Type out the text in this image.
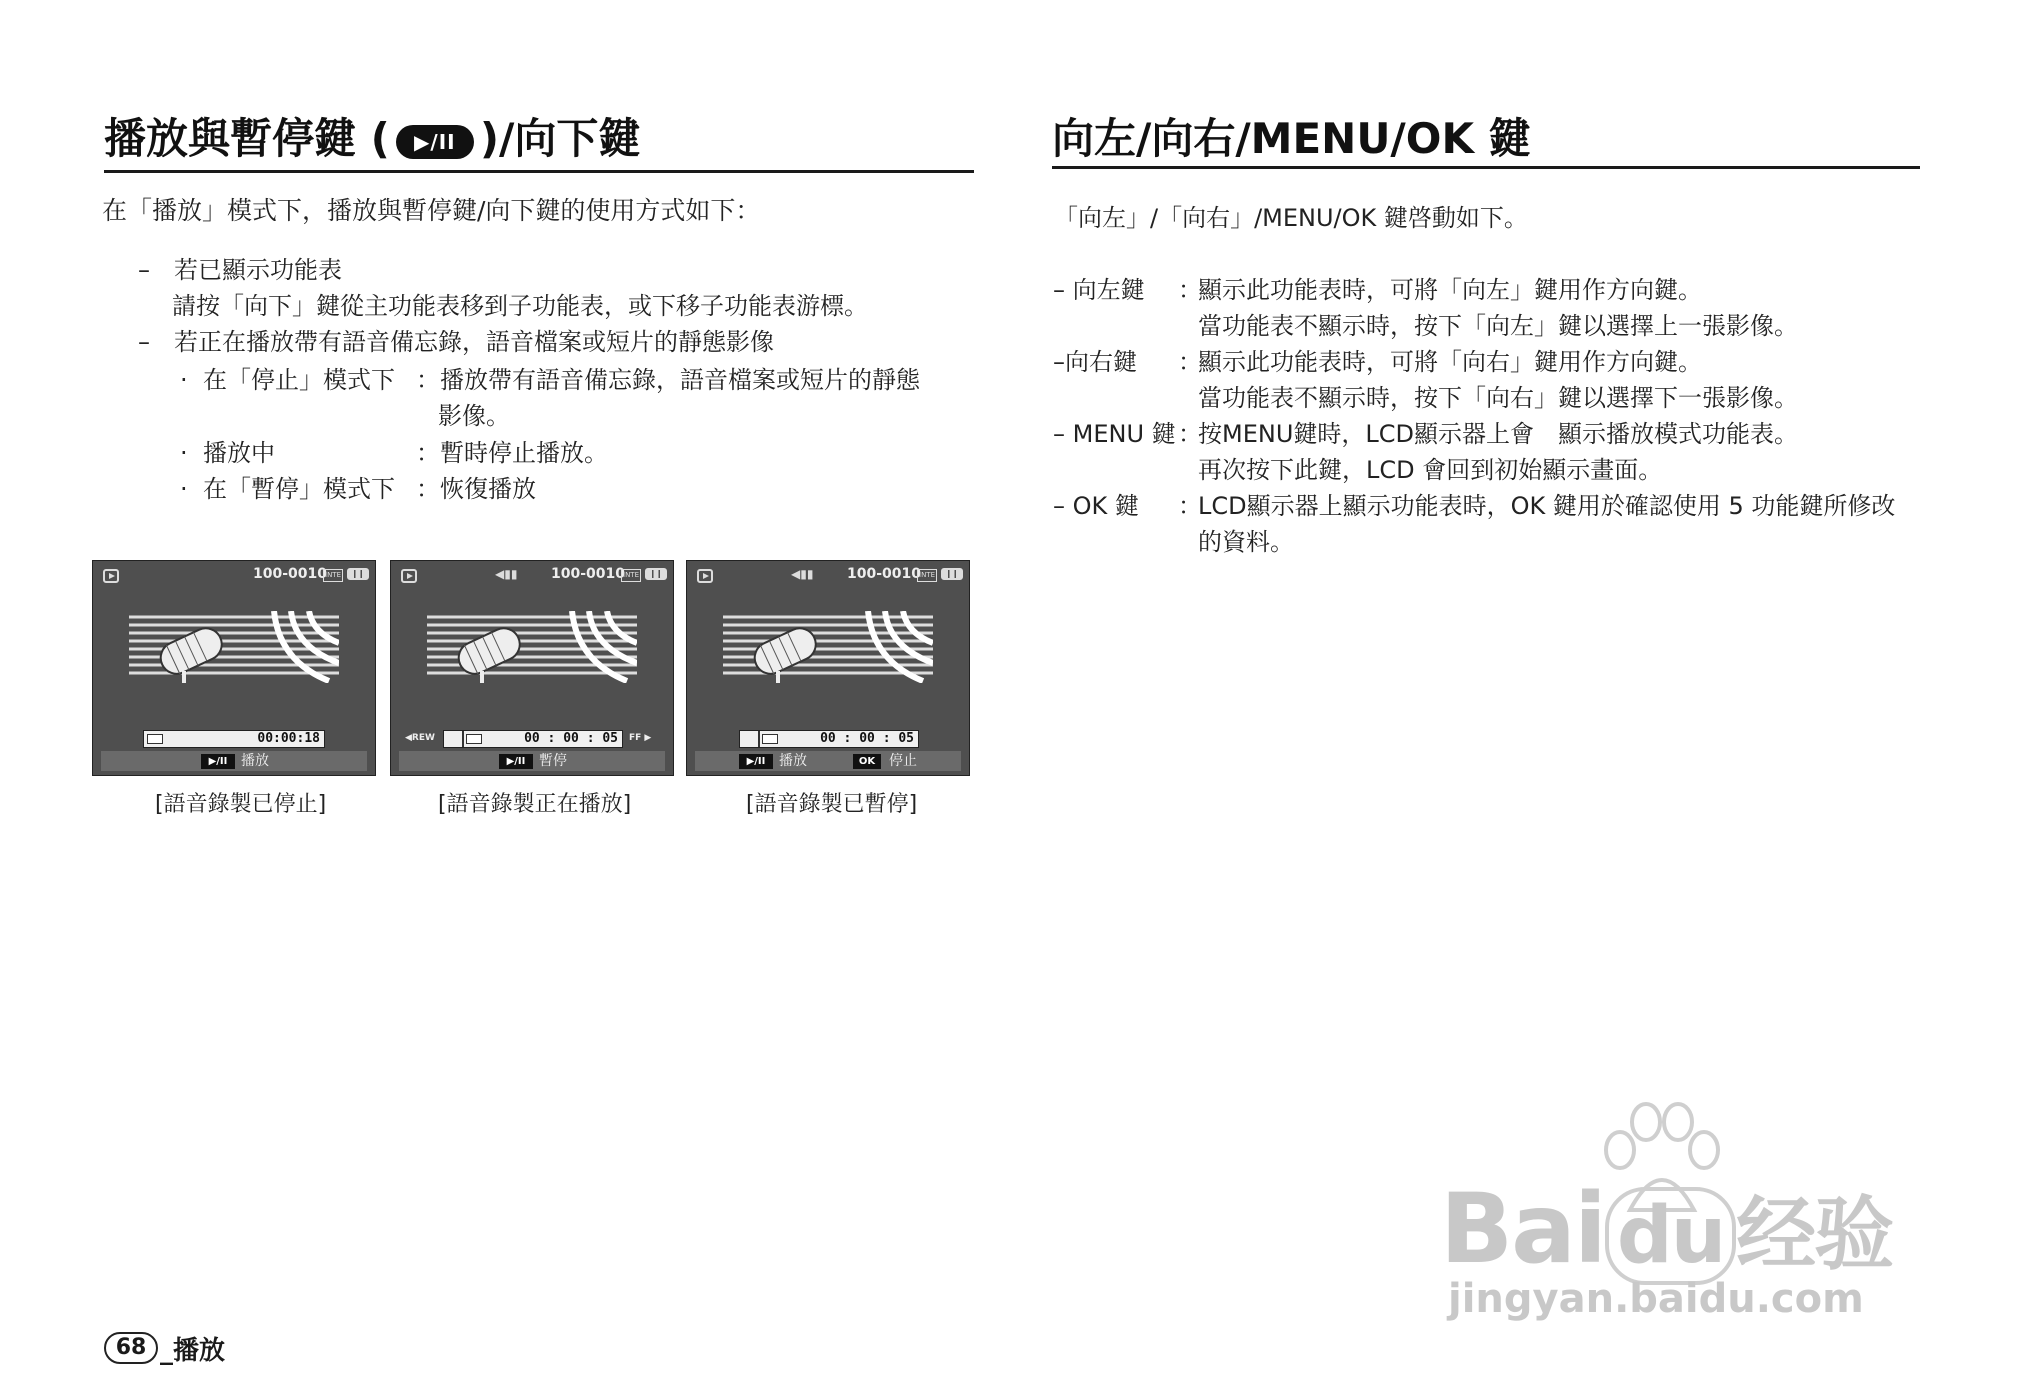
播放與暫停鍵 ( ▶/II )/向下鍵
在「播放」模式下，播放與暫停鍵/向下鍵的使用方式如下：
–　若已顯示功能表
請按「向下」鍵從主功能表移到子功能表，或下移子功能表游標。
–　若正在播放帶有語音備忘錄，語音檔案或短片的靜態影像
· 在「停止」模式下 ：播放帶有語音備忘錄，語音檔案或短片的靜態
影像。
· 播放中	：暫時停止播放。
· 在「暫停」模式下 ：恢復播放
100-0010
INTE
00:00:18
▶/II 播放
[語音錄製已停止]
◀▮▮ 100-0010
INTE
◀REW	00 : 00 : 05 FF ▶
▶/II 暫停
[語音錄製正在播放]
◀▮▮ 100-0010
INTE
00 : 00 : 05
▶/II 播放	OK 停止
[語音錄製已暫停]
向左/向右/MENU/OK 鍵
「向左」/「向右」/MENU/OK 鍵啓動如下。
– 向左鍵 ：
顯示此功能表時，可將「向左」鍵用作方向鍵。
當功能表不顯示時，按下「向左」鍵以選擇上一張影像。
–向右鍵 ：
顯示此功能表時，可將「向右」鍵用作方向鍵。
當功能表不顯示時，按下「向右」鍵以選擇下一張影像。
– MENU 鍵 ：
按MENU鍵時，LCD顯示器上會　顯示播放模式功能表。
再次按下此鍵，LCD 會回到初始顯示畫面。
– OK 鍵 ：
LCD顯示器上顯示功能表時，OK 鍵用於確認使用 5 功能鍵所修改
的資料。
68 _播放
Bai du 经验
jingyan.baidu.com
